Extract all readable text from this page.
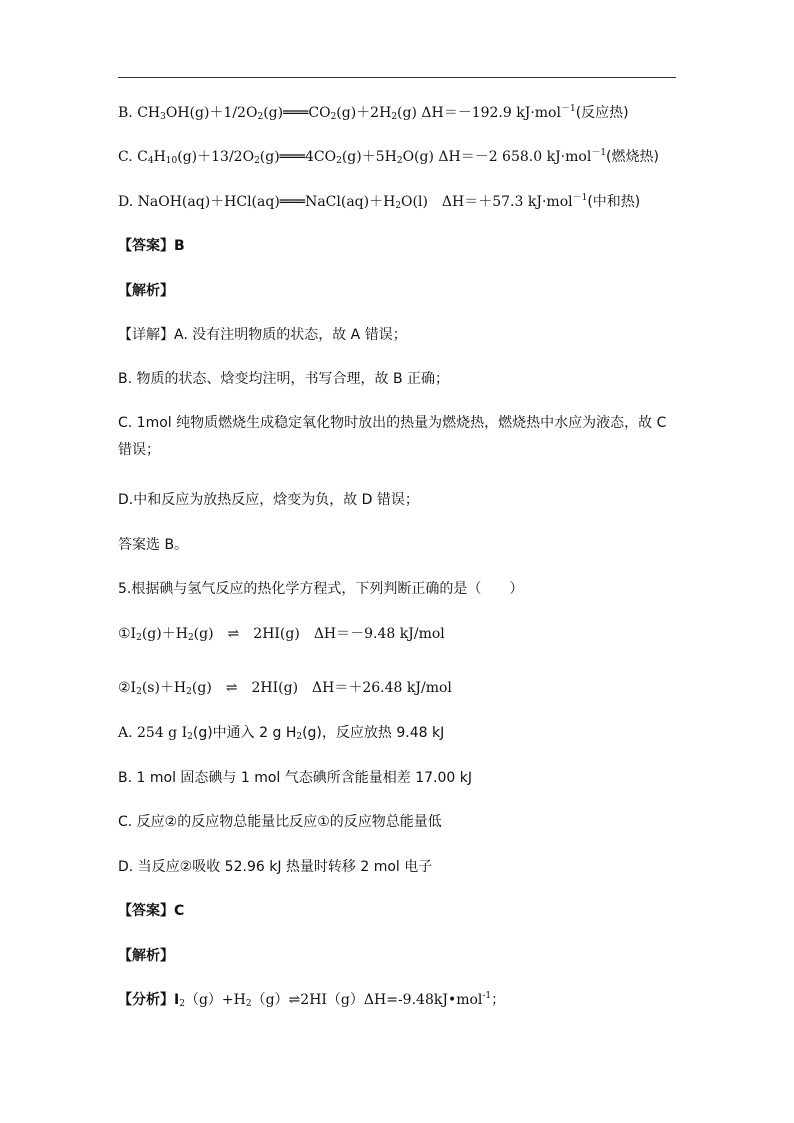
B. $CH_3OH(g)+1/2O_2(g)═══CO_2(g)+2H_2(g)$ ΔH＝－192.9 kJ·mol$^{-1}$(反应热)
C. $C_4H_{10}(g)+13/2O_2(g)═══4CO_2(g)+5H_2O(g)$ ΔH＝－2 658.0 kJ·mol$^{-1}$(燃烧热)
D. $NaOH(aq)+HCl(aq)═══NaCl(aq)+H_2O(l)$　ΔH＝＋57.3 kJ·mol$^{-1}$(中和热)
【答案】B
【解析】
【详解】A. 没有注明物质的状态，故 A 错误；
B. 物质的状态、焓变均注明，书写合理，故 B 正确；
C. 1mol 纯物质燃烧生成稳定氧化物时放出的热量为燃烧热，燃烧热中水应为液态，故 C 错误；
D.中和反应为放热反应，焓变为负，故 D 错误；
答案选 B。
5.根据碘与氢气反应的热化学方程式，下列判断正确的是（　　）
$①I_2(g)+H_2(g)$　⇌　2HI(g)　ΔH＝－9.48 kJ/mol
$②I_2(s)+H_2(g)$　⇌　2HI(g)　ΔH＝＋26.48 kJ/mol
A. 254 g $I_2(g)$中通入 2 g $H_2(g)$，反应放热 9.48 kJ
B. 1 mol 固态碘与 1 mol 气态碘所含能量相差 17.00 kJ
C. 反应②的反应物总能量比反应①的反应物总能量低
D. 当反应②吸收 52.96 kJ 热量时转移 2 mol 电子
【答案】C
【解析】
【分析】$I_2(g)+H_2(g)\rightleftharpoons 2HI(g)\Delta H=-9.48kJ•mol^{-1}$；
